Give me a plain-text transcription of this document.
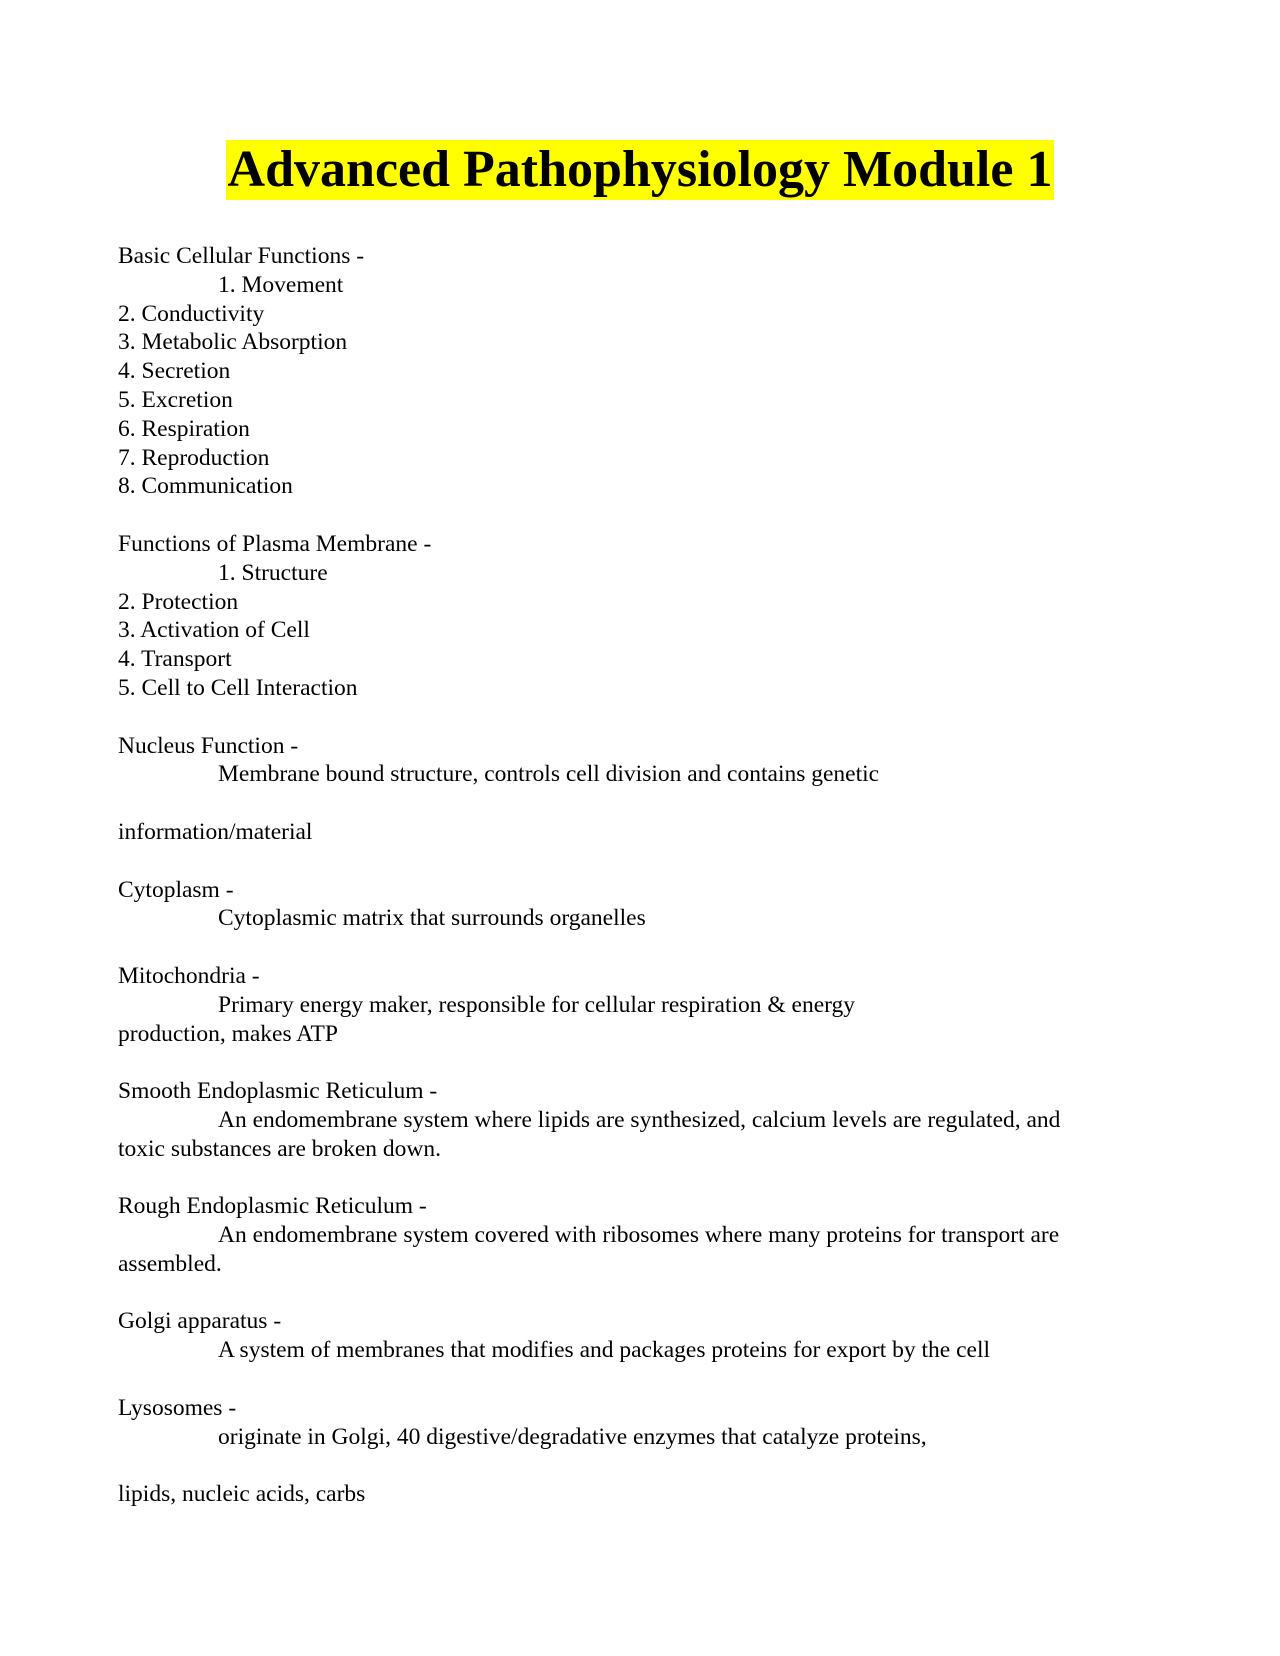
Advanced Pathophysiology Module 1
Basic Cellular Functions -
1. Movement
2. Conductivity
3. Metabolic Absorption
4. Secretion
5. Excretion
6. Respiration
7. Reproduction
8. Communication
Functions of Plasma Membrane -
1. Structure
2. Protection
3. Activation of Cell
4. Transport
5. Cell to Cell Interaction
Nucleus Function -
Membrane bound structure, controls cell division and contains genetic
information/material
Cytoplasm -
Cytoplasmic matrix that surrounds organelles
Mitochondria -
Primary energy maker, responsible for cellular respiration & energy
production, makes ATP
Smooth Endoplasmic Reticulum -
An endomembrane system where lipids are synthesized, calcium levels are regulated, and
toxic substances are broken down.
Rough Endoplasmic Reticulum -
An endomembrane system covered with ribosomes where many proteins for transport are
assembled.
Golgi apparatus -
A system of membranes that modifies and packages proteins for export by the cell
Lysosomes -
originate in Golgi, 40 digestive/degradative enzymes that catalyze proteins,
lipids, nucleic acids, carbs
